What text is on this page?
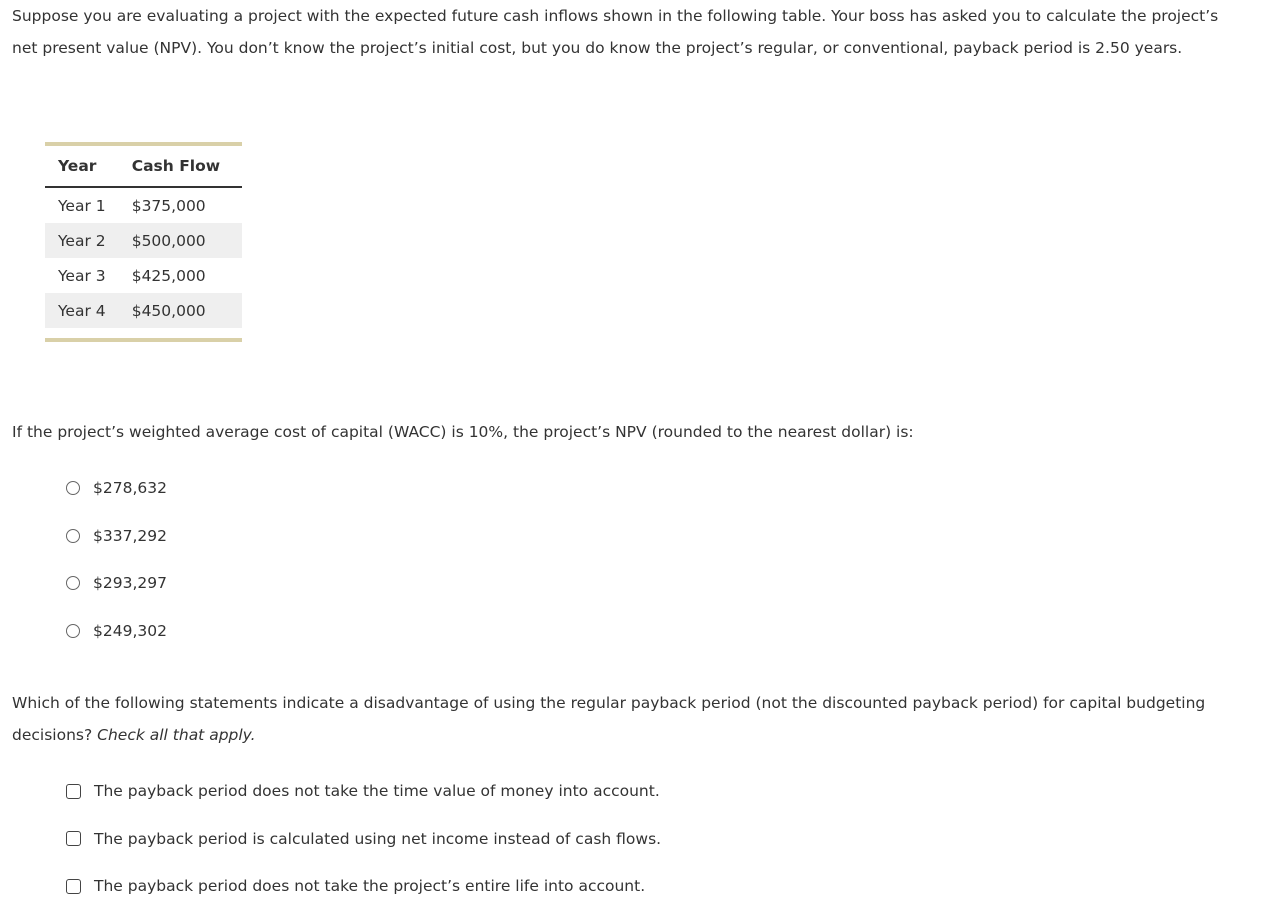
Suppose you are evaluating a project with the expected future cash inflows shown in the following table. Your boss has asked you to calculate the project’s net present value (NPV). You don’t know the project’s initial cost, but you do know the project’s regular, or conventional, payback period is 2.50 years.

Year	Cash Flow
Year 1	$375,000
Year 2	$500,000
Year 3	$425,000
Year 4	$450,000

If the project’s weighted average cost of capital (WACC) is 10%, the project’s NPV (rounded to the nearest dollar) is:

$278,632
$337,292
$293,297
$249,302

Which of the following statements indicate a disadvantage of using the regular payback period (not the discounted payback period) for capital budgeting decisions? Check all that apply.

The payback period does not take the time value of money into account.
The payback period is calculated using net income instead of cash flows.
The payback period does not take the project’s entire life into account.
